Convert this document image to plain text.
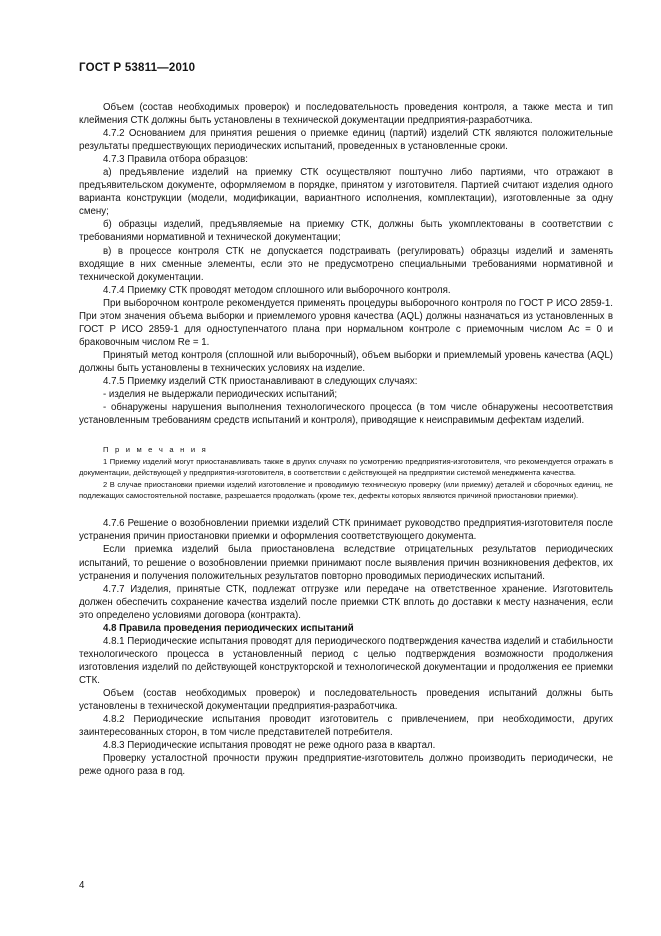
ГОСТ Р 53811—2010

Объем (состав необходимых проверок) и последовательность проведения контроля, а также места и тип клеймения СТК должны быть установлены в технической документации предприятия-разработчика.

4.7.2 Основанием для принятия решения о приемке единиц (партий) изделий СТК являются положительные результаты предшествующих периодических испытаний, проведенных в установленные сроки.

4.7.3 Правила отбора образцов:

а) предъявление изделий на приемку СТК осуществляют поштучно либо партиями, что отражают в предъявительском документе, оформляемом в порядке, принятом у изготовителя. Партией считают изделия одного варианта конструкции (модели, модификации, вариантного исполнения, комплектации), изготовленные за одну смену;

б) образцы изделий, предъявляемые на приемку СТК, должны быть укомплектованы в соответствии с требованиями нормативной и технической документации;

в) в процессе контроля СТК не допускается подстраивать (регулировать) образцы изделий и заменять входящие в них сменные элементы, если это не предусмотрено специальными требованиями нормативной и технической документации.

4.7.4 Приемку СТК проводят методом сплошного или выборочного контроля.

При выборочном контроле рекомендуется применять процедуры выборочного контроля по ГОСТ Р ИСО 2859-1. При этом значения объема выборки и приемлемого уровня качества (AQL) должны назначаться из установленных в ГОСТ Р ИСО 2859-1 для одноступенчатого плана при нормальном контроле с приемочным числом Ac = 0 и браковочным числом Re = 1.

Принятый метод контроля (сплошной или выборочный), объем выборки и приемлемый уровень качества (AQL) должны быть установлены в технических условиях на изделие.

4.7.5 Приемку изделий СТК приостанавливают в следующих случаях:

- изделия не выдержали периодических испытаний;

- обнаружены нарушения выполнения технологического процесса (в том числе обнаружены несоответствия установленным требованиям средств испытаний и контроля), приводящие к неисправимым дефектам изделий.

П р и м е ч а н и я

1 Приемку изделий могут приостанавливать также в других случаях по усмотрению предприятия-изготовителя, что рекомендуется отражать в документации, действующей у предприятия-изготовителя, в соответствии с действующей на предприятии системой менеджмента качества.

2 В случае приостановки приемки изделий изготовление и проводимую техническую проверку (или приемку) деталей и сборочных единиц, не подлежащих самостоятельной поставке, разрешается продолжать (кроме тех, дефекты которых являются причиной приостановки приемки).

4.7.6 Решение о возобновлении приемки изделий СТК принимает руководство предприятия-изготовителя после устранения причин приостановки приемки и оформления соответствующего документа.

Если приемка изделий была приостановлена вследствие отрицательных результатов периодических испытаний, то решение о возобновлении приемки принимают после выявления причин возникновения дефектов, их устранения и получения положительных результатов повторно проводимых периодических испытаний.

4.7.7 Изделия, принятые СТК, подлежат отгрузке или передаче на ответственное хранение. Изготовитель должен обеспечить сохранение качества изделий после приемки СТК вплоть до доставки к месту назначения, если это определено условиями договора (контракта).

4.8 Правила проведения периодических испытаний

4.8.1 Периодические испытания проводят для периодического подтверждения качества изделий и стабильности технологического процесса в установленный период с целью подтверждения возможности продолжения изготовления изделий по действующей конструкторской и технологической документации и продолжения ее приемки СТК.

Объем (состав необходимых проверок) и последовательность проведения испытаний должны быть установлены в технической документации предприятия-разработчика.

4.8.2 Периодические испытания проводит изготовитель с привлечением, при необходимости, других заинтересованных сторон, в том числе представителей потребителя.

4.8.3 Периодические испытания проводят не реже одного раза в квартал.

Проверку усталостной прочности пружин предприятие-изготовитель должно производить периодически, не реже одного раза в год.

4
